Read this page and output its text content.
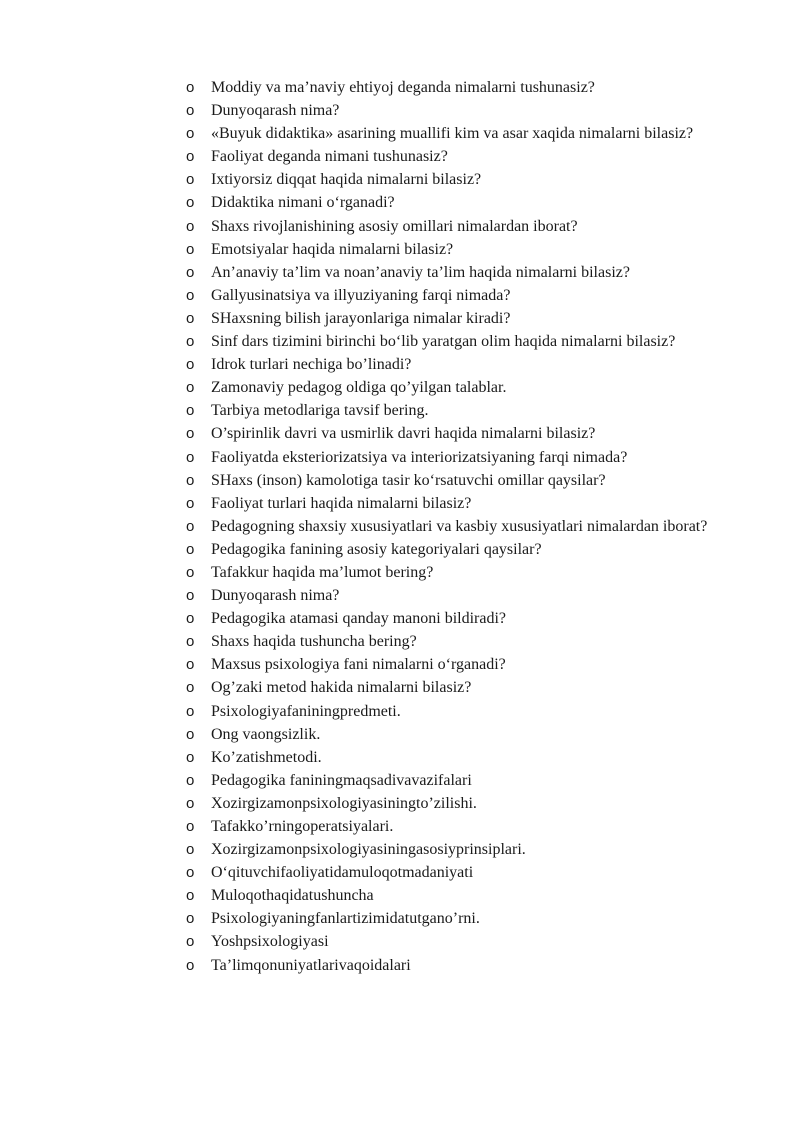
o Moddiy va ma’naviy ehtiyoj deganda nimalarni tushunasiz?
o Dunyoqarash nima?
o «Buyuk didaktika» asarining muallifi kim va asar xaqida nimalarni bilasiz?
o Faoliyat deganda nimani tushunasiz?
o Ixtiyorsiz diqqat haqida nimalarni bilasiz?
o Didaktika nimani o‘rganadi?
o Shaxs rivojlanishining asosiy omillari nimalardan iborat?
o Emotsiyalar haqida nimalarni bilasiz?
o An’anaviy ta’lim va noan’anaviy ta’lim haqida nimalarni bilasiz?
o Gallyusinatsiya va illyuziyaning farqi nimada?
o SHaxsning bilish jarayonlariga nimalar kiradi?
o Sinf dars tizimini birinchi bo‘lib yaratgan olim haqida nimalarni bilasiz?
o Idrok turlari nechiga bo’linadi?
o Zamonaviy pedagog oldiga qo’yilgan talablar.
o Tarbiya metodlariga tavsif bering.
o O’spirinlik davri va usmirlik davri haqida nimalarni bilasiz?
o Faoliyatda eksteriorizatsiya va interiorizatsiyaning farqi nimada?
o SHaxs (inson) kamolotiga tasir ko‘rsatuvchi omillar qaysilar?
o Faoliyat turlari haqida nimalarni bilasiz?
o Pedagogning shaxsiy xususiyatlari va kasbiy xususiyatlari nimalardan iborat?
o Pedagogika fanining asosiy kategoriyalari qaysilar?
o Tafakkur haqida ma’lumot bering?
o Dunyoqarash nima?
o Pedagogika atamasi qanday manoni bildiradi?
o Shaxs haqida tushuncha bering?
o Maxsus psixologiya fani nimalarni o‘rganadi?
o Og’zaki metod hakida nimalarni bilasiz?
o Psixologiyafaniningpredmeti.
o Ong vaongsizlik.
o Ko’zatishmetodi.
o Pedagogika faniningmaqsadivavazifalari
o Xozirgizamonpsixologiyasiningto’zilishi.
o Tafakko’rningoperatsiyalari.
o Xozirgizamonpsixologiyasiningasosiyprinsiplari.
o O‘qituvchifaoliyatidamuloqotmadaniyati
o Muloqothaqidatushuncha
o Psixologiyaningfanlartizimidatutgano’rni.
o Yoshpsixologiyasi
o Ta’limqonuniyatlarivaqoidalari
